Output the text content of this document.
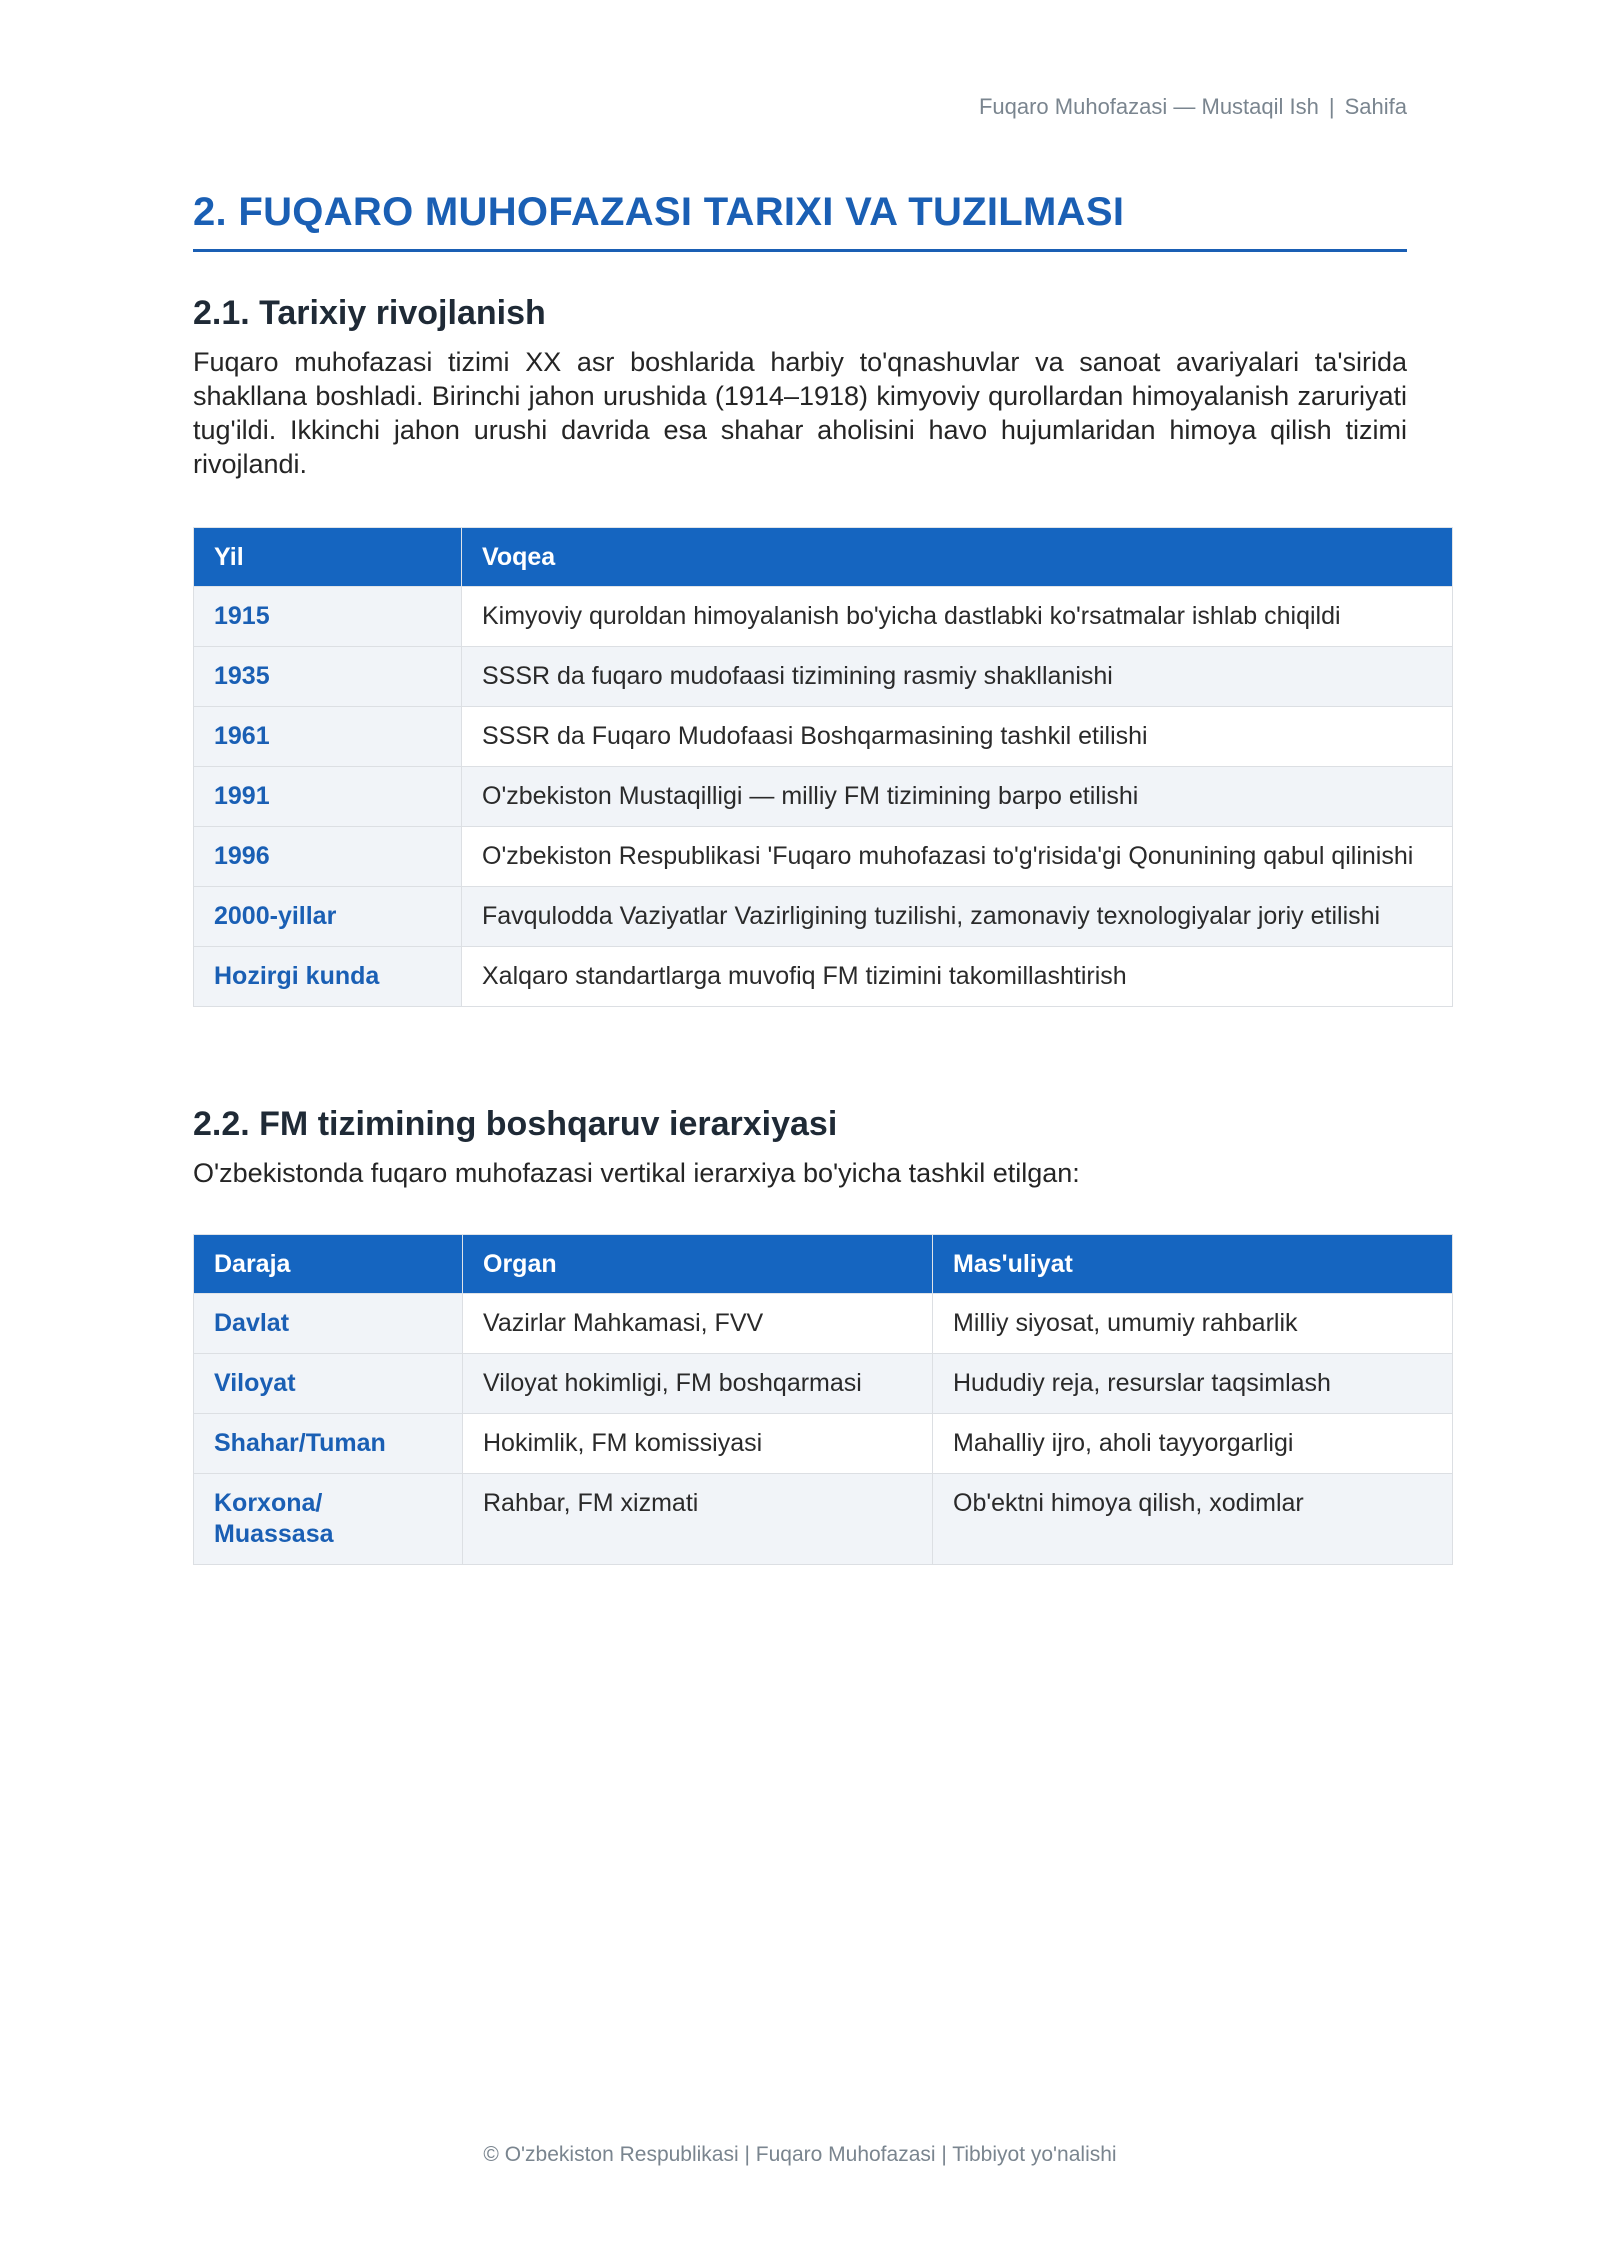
Fuqaro Muhofazasi — Mustaqil Ish | Sahifa
2. FUQARO MUHOFAZASI TARIXI VA TUZILMASI
2.1. Tarixiy rivojlanish

Fuqaro muhofazasi tizimi XX asr boshlarida harbiy to'qnashuvlar va sanoat avariyalari ta'sirida shakllana boshladi. Birinchi jahon urushida (1914–1918) kimyoviy qurollardan himoyalanish zaruriyati tug'ildi. Ikkinchi jahon urushi davrida esa shahar aholisini havo hujumlaridan himoya qilish tizimi rivojlandi.

Yil	Voqea
1915	Kimyoviy quroldan himoyalanish bo'yicha dastlabki ko'rsatmalar ishlab chiqildi
1935	SSSR da fuqaro mudofaasi tizimining rasmiy shakllanishi
1961	SSSR da Fuqaro Mudofaasi Boshqarmasining tashkil etilishi
1991	O'zbekiston Mustaqilligi — milliy FM tizimining barpo etilishi
1996	O'zbekiston Respublikasi 'Fuqaro muhofazasi to'g'risida'gi Qonunining qabul qilinishi
2000-yillar	Favqulodda Vaziyatlar Vazirligining tuzilishi, zamonaviy texnologiyalar joriy etilishi
Hozirgi kunda	Xalqaro standartlarga muvofiq FM tizimini takomillashtirish
2.2. FM tizimining boshqaruv ierarxiyasi

O'zbekistonda fuqaro muhofazasi vertikal ierarxiya bo'yicha tashkil etilgan:

Daraja	Organ	Mas'uliyat
Davlat	Vazirlar Mahkamasi, FVV	Milliy siyosat, umumiy rahbarlik
Viloyat	Viloyat hokimligi, FM boshqarmasi	Hududiy reja, resurslar taqsimlash
Shahar/Tuman	Hokimlik, FM komissiyasi	Mahalliy ijro, aholi tayyorgarligi
Korxona/ Muassasa	Rahbar, FM xizmati	Ob'ektni himoya qilish, xodimlar
© O'zbekiston Respublikasi | Fuqaro Muhofazasi | Tibbiyot yo'nalishi
